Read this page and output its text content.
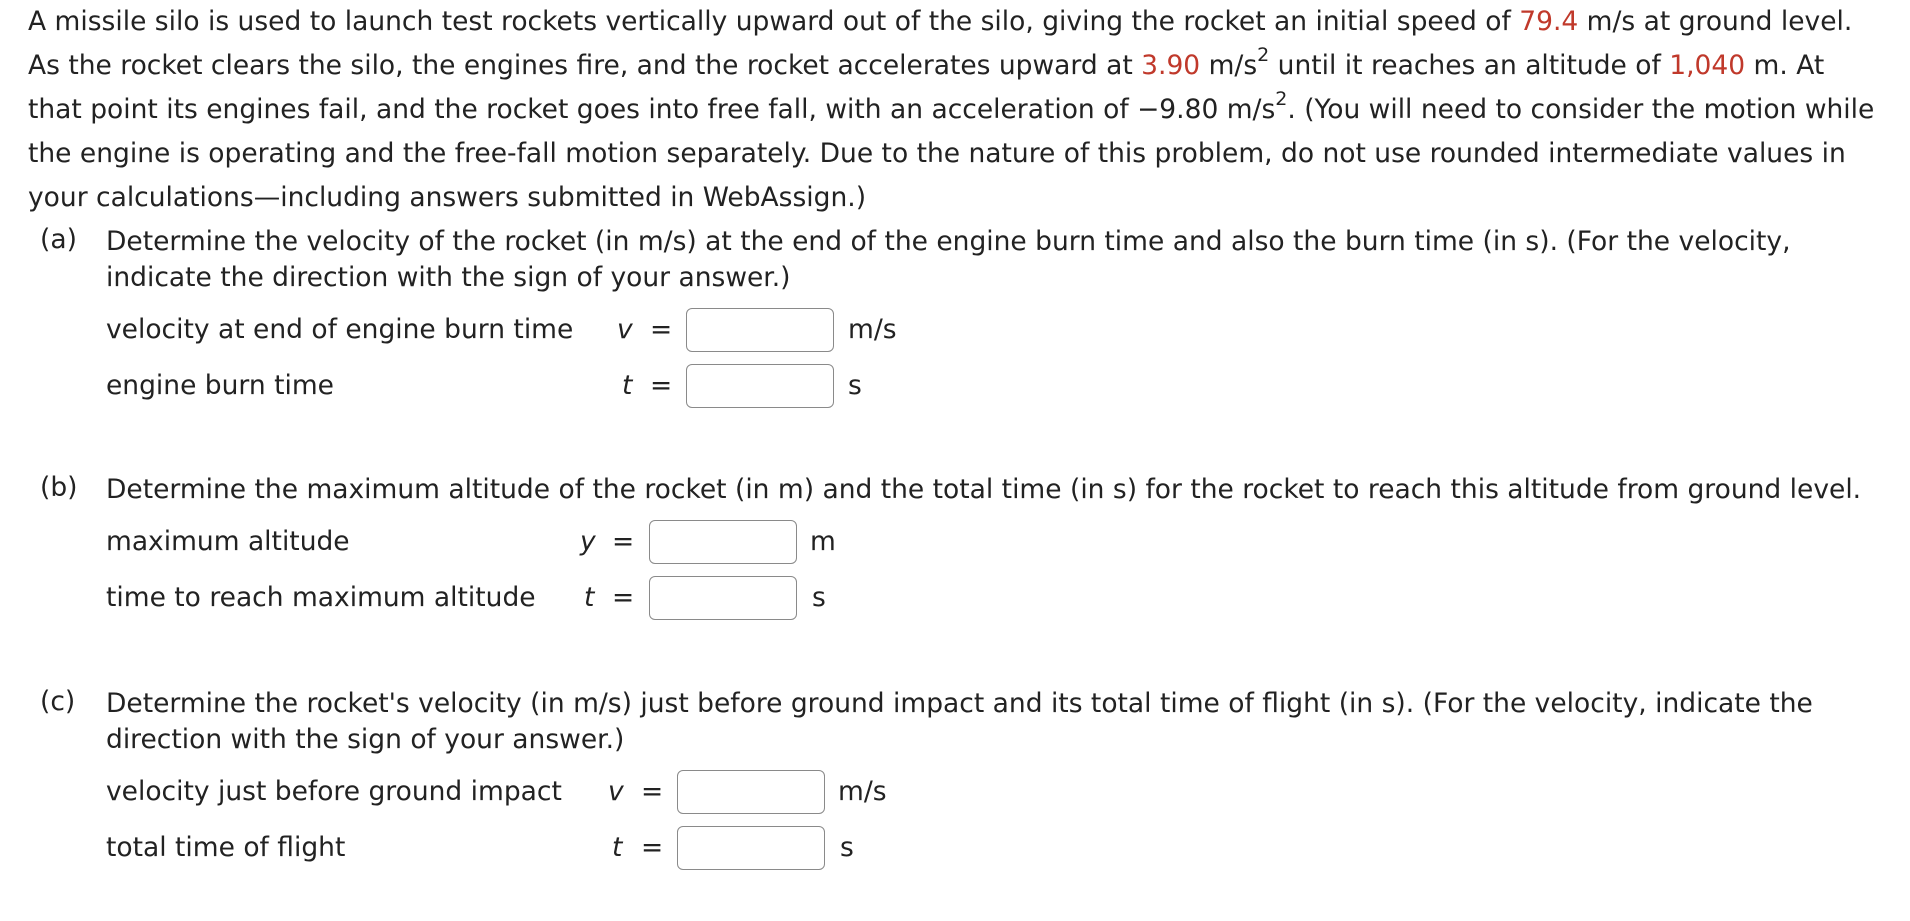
A missile silo is used to launch test rockets vertically upward out of the silo, giving the rocket an initial speed of 79.4 m/s at ground level. As the rocket clears the silo, the engines fire, and the rocket accelerates upward at 3.90 $m/s^2$ until it reaches an altitude of 1,040 m. At that point its engines fail, and the rocket goes into free fall, with an acceleration of −9.80 $m/s^2$. (You will need to consider the motion while the engine is operating and the free-fall motion separately. Due to the nature of this problem, do not use rounded intermediate values in your calculations—including answers submitted in WebAssign.)
(a) Determine the velocity of the rocket (in m/s) at the end of the engine burn time and also the burn time (in s). (For the velocity, indicate the direction with the sign of your answer.)
velocity at end of engine burn time v =	m/s
engine burn time	t =	s
(b) Determine the maximum altitude of the rocket (in m) and the total time (in s) for the rocket to reach this altitude from ground level.
maximum altitude	y =	m
time to reach maximum altitude t =	s
(c) Determine the rocket's velocity (in m/s) just before ground impact and its total time of flight (in s). (For the velocity, indicate the direction with the sign of your answer.)
velocity just before ground impact v =	m/s
total time of flight	t =	s
